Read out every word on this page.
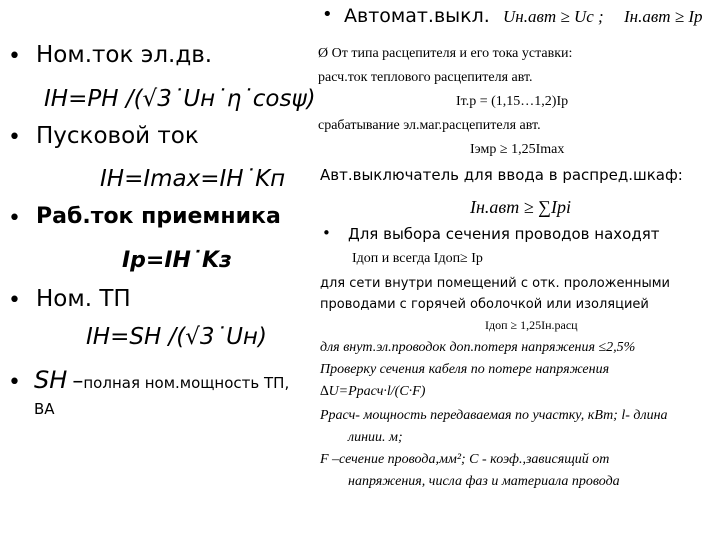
• Ном.ток эл.дв.
IН=PН /(√3˙Uн˙η˙cosψ)
• Пусковой ток
IН=Imax=IН˙Kп
• Раб.ток приемника
Iр=IН˙Kз
• Ном. ТП
IН=SН /(√3˙Uн)
• SН –полная ном.мощность ТП,
ВА
• Автомат.выкл. Uн.авт ≥ Uс ; Iн.авт ≥ Iр
Ø От типа расцепителя и его тока уставки:
расч.ток теплового расцепителя авт.
Iт.р = (1,15…1,2)Iр
срабатывание эл.маг.расцепителя авт.
Iэмр ≥ 1,25Imax
Авт.выключатель для ввода в распред.шкаф:
Iн.авт ≥ ∑Ipi
• Для выбора сечения проводов находят
Iдоп и всегда Iдоп≥ Iр
для сети внутри помещений с отк. проложенными
проводами с горячей оболочкой или изоляцией
Iдоп ≥ 1,25Iн.расц
для внут.эл.проводок доп.потеря напряжения ≤2,5%
Проверку сечения кабеля по потере напряжения
∆U=Pрасч·l/(C·F)
Pрасч- мощность передаваемая по участку, кВт; l- длина
линии. м;
F –сечение провода,мм²; С - коэф.,зависящий от
напряжения, числа фаз и материала провода
